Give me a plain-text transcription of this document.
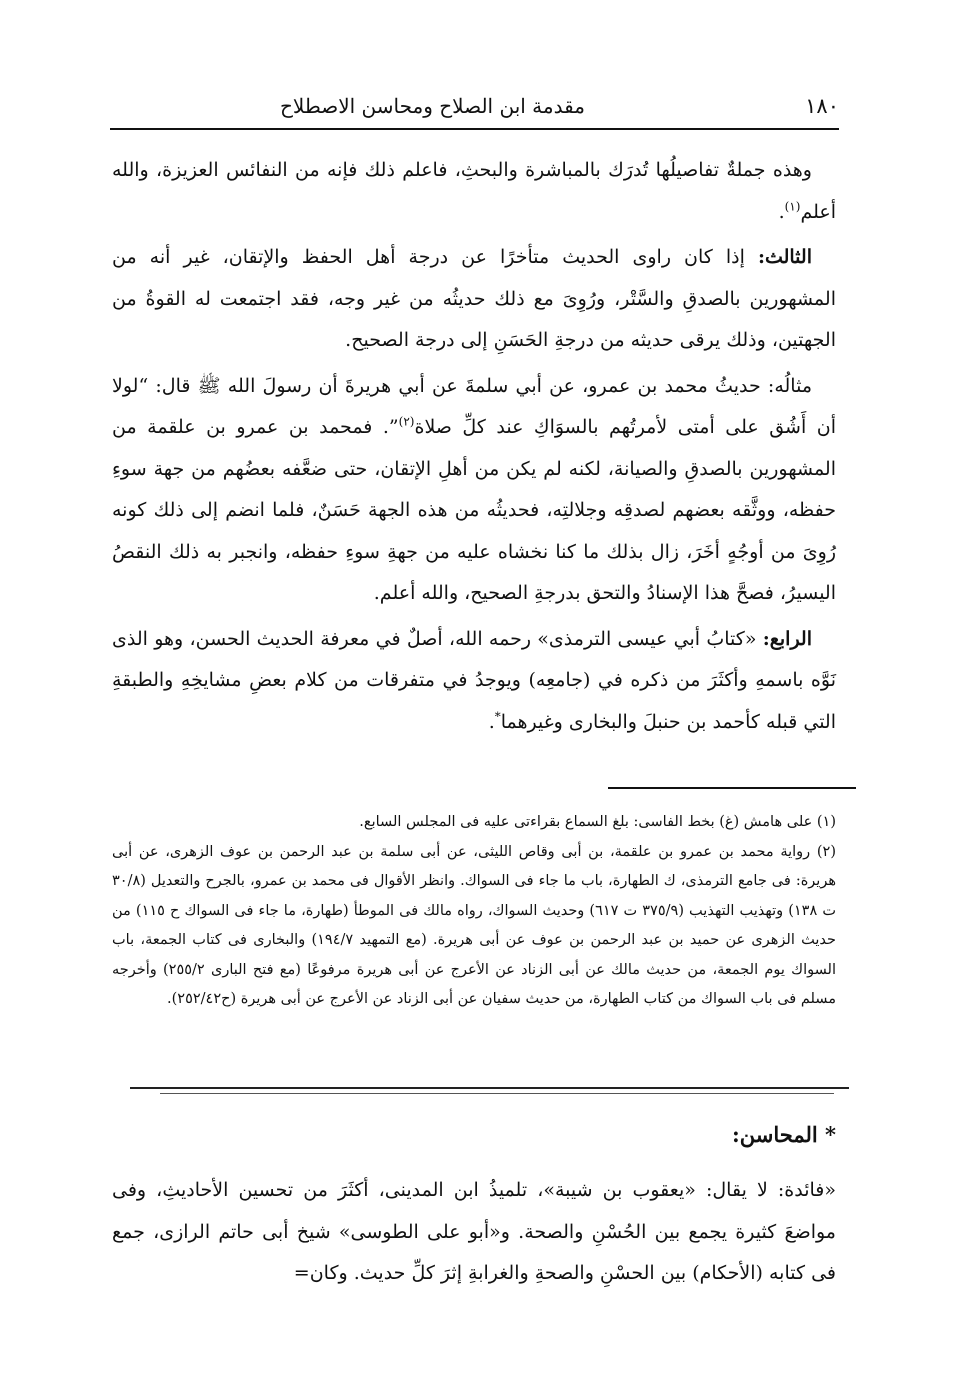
١٨٠
مقدمة ابن الصلاح ومحاسن الاصطلاح

وهذه جملةٌ تفاصيلُها تُدرَك بالمباشرة والبحثِ، فاعلم ذلك فإنه من النفائس العزيزة، والله أعلم$^{(١)}$.

الثالث: إذا كان راوى الحديث متأخرًا عن درجة أهل الحفظ والإتقان، غير أنه من المشهورين بالصدقِ والسَّتْر، ورُوِىَ مع ذلك حديثُه من غير وجه، فقد اجتمعت له القوةُ من الجهتين، وذلك يرقى حديثه من درجةِ الحَسَنِ إلى درجة الصحيح.

مثالُه: حديثُ محمد بن عمرو، عن أبي سلمةَ عن أبي هريرةَ أن رسولَ الله ﷺ قال: “لولا أن أَشُق على أمتى لأمرتُهم بالسوَاكِ عند كلِّ صلاة$^{(٢)}$”. فمحمد بن عمرو بن علقمة من المشهورين بالصدقِ والصيانة، لكنه لم يكن من أهلِ الإتقان، حتى ضعَّفه بعضُهم من جهة سوءِ حفظه، ووثَّقه بعضهم لصدقِه وجلالتِه، فحديثُه من هذه الجهة حَسَنٌ، فلما انضم إلى ذلك كونه رُوِىَ من أوجُهٍ أخَرَ، زال بذلك ما كنا نخشاه عليه من جهةِ سوءِ حفظه، وانجبر به ذلك النقصُ اليسيرُ، فصحَّ هذا الإسنادُ والتحق بدرجةِ الصحيح، والله أعلم.

الرابع: «كتابُ أبي عيسى الترمذى» رحمه الله، أصلٌ في معرفة الحديث الحسن، وهو الذى نَوَّه باسمهِ وأكثَرَ من ذكره في (جامعِه) ويوجدُ في متفرقات من كلام بعضِ مشايخِهِ والطبقةِ التي قبله كأحمد بن حنبلَ والبخارى وغيرهما*.

(١) على هامش (غ) بخط الفاسى: بلغ السماع بقراءتى عليه فى المجلس السابع.

(٢) رواية محمد بن عمرو بن علقمة، بن أبى وقاص الليثى، عن أبى سلمة بن عبد الرحمن بن عوف الزهرى، عن أبى هريرة: فى جامع الترمذى، ك الطهارة، باب ما جاء فى السواك. وانظر الأقوال فى محمد بن عمرو، بالجرح والتعديل (٣٠/٨ ت ١٣٨) وتهذيب التهذيب (٣٧٥/٩ ت ٦١٧) وحديث السواك، رواه مالك فى الموطأ (طهارة، ما جاء فى السواك ح ١١٥) من حديث الزهرى عن حميد بن عبد الرحمن بن عوف عن أبى هريرة. (مع التمهيد ١٩٤/٧) والبخارى فى كتاب الجمعة، باب السواك يوم الجمعة، من حديث مالك عن أبى الزناد عن الأعرج عن أبى هريرة مرفوعًا (مع فتح البارى ٢٥٥/٢) وأخرجه مسلم فى باب السواك من كتاب الطهارة، من حديث سفيان عن أبى الزناد عن الأعرج عن أبى هريرة (ح٢٥٢/٤٢).

* المحاسن:

«فائدة: لا يقال: «يعقوب بن شيبة»، تلميذُ ابن المدينى، أكثَرَ من تحسين الأحاديثِ، وفى مواضعَ كثيرة يجمع بين الحُسْنِ والصحة. و«أبو على الطوسى» شيخ أبى حاتم الرازى، جمع فى كتابه (الأحكام) بين الحسْنِ والصحةِ والغرابةِ إثرَ كلِّ حديث. وكان=
